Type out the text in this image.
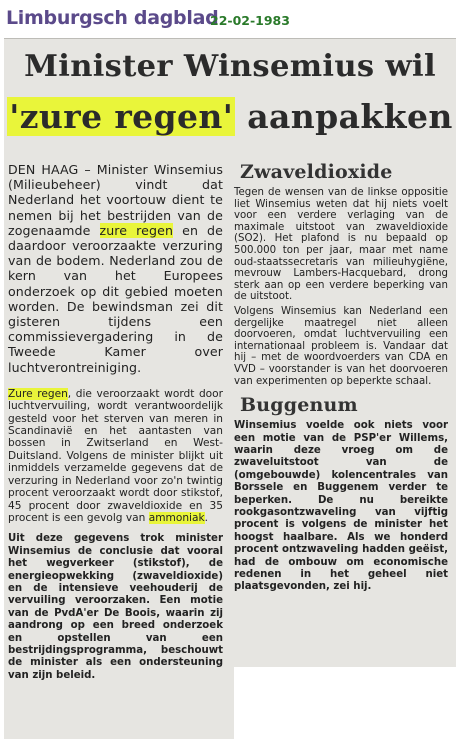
Limburgsch dagblad
22-02-1983
Minister Winsemius wil
'zure regen' aanpakken

DEN HAAG – Minister Winsemius (Milieubeheer) vindt dat Nederland het voortouw dient te nemen bij het bestrijden van de zogenaamde zure regen en de daardoor veroorzaakte verzuring van de bodem. Nederland zou de kern van het Europees onderzoek op dit gebied moeten worden. De bewindsman zei dit gisteren tijdens een commissievergadering in de Tweede Kamer over luchtverontreiniging.

Zure regen, die veroorzaakt wordt door luchtvervuiling, wordt verantwoordelijk gesteld voor het sterven van meren in Scandinavië en het aantasten van bossen in Zwitserland en West-Duitsland. Volgens de minister blijkt uit inmiddels verzamelde gegevens dat de verzuring in Nederland voor zo'n twintig procent veroorzaakt wordt door stikstof, 45 procent door zwaveldioxide en 35 procent is een gevolg van ammoniak.

Uit deze gegevens trok minister Winsemius de conclusie dat vooral het wegverkeer (stikstof), de energieopwekking (zwaveldioxide) en de intensieve veehouderij de vervuiling veroorzaken. Een motie van de PvdA'er De Boois, waarin zij aandrong op een breed onderzoek en opstellen van een bestrijdingsprogramma, beschouwt de minister als een ondersteuning van zijn beleid.

Zwaveldioxide

Tegen de wensen van de linkse oppositie liet Winsemius weten dat hij niets voelt voor een verdere verlaging van de maximale uitstoot van zwaveldioxide (SO2). Het plafond is nu bepaald op 500.000 ton per jaar, maar met name oud-staatssecretaris van milieuhygiëne, mevrouw Lambers-Hacquebard, drong sterk aan op een verdere beperking van de uitstoot.

Volgens Winsemius kan Nederland een dergelijke maatregel niet alleen doorvoeren, omdat luchtvervuiling een internationaal probleem is. Vandaar dat hij – met de woordvoerders van CDA en VVD – voorstander is van het doorvoeren van experimenten op beperkte schaal.

Buggenum

Winsemius voelde ook niets voor een motie van de PSP'er Willems, waarin deze vroeg om de zwaveluitstoot van de (omgebouwde) kolencentrales van Borssele en Buggenem verder te beperken. De nu bereikte rookgasontzwaveling van vijftig procent is volgens de minister het hoogst haalbare. Als we honderd procent ontzwaveling hadden geëist, had de ombouw om economische redenen in het geheel niet plaatsgevonden, zei hij.
